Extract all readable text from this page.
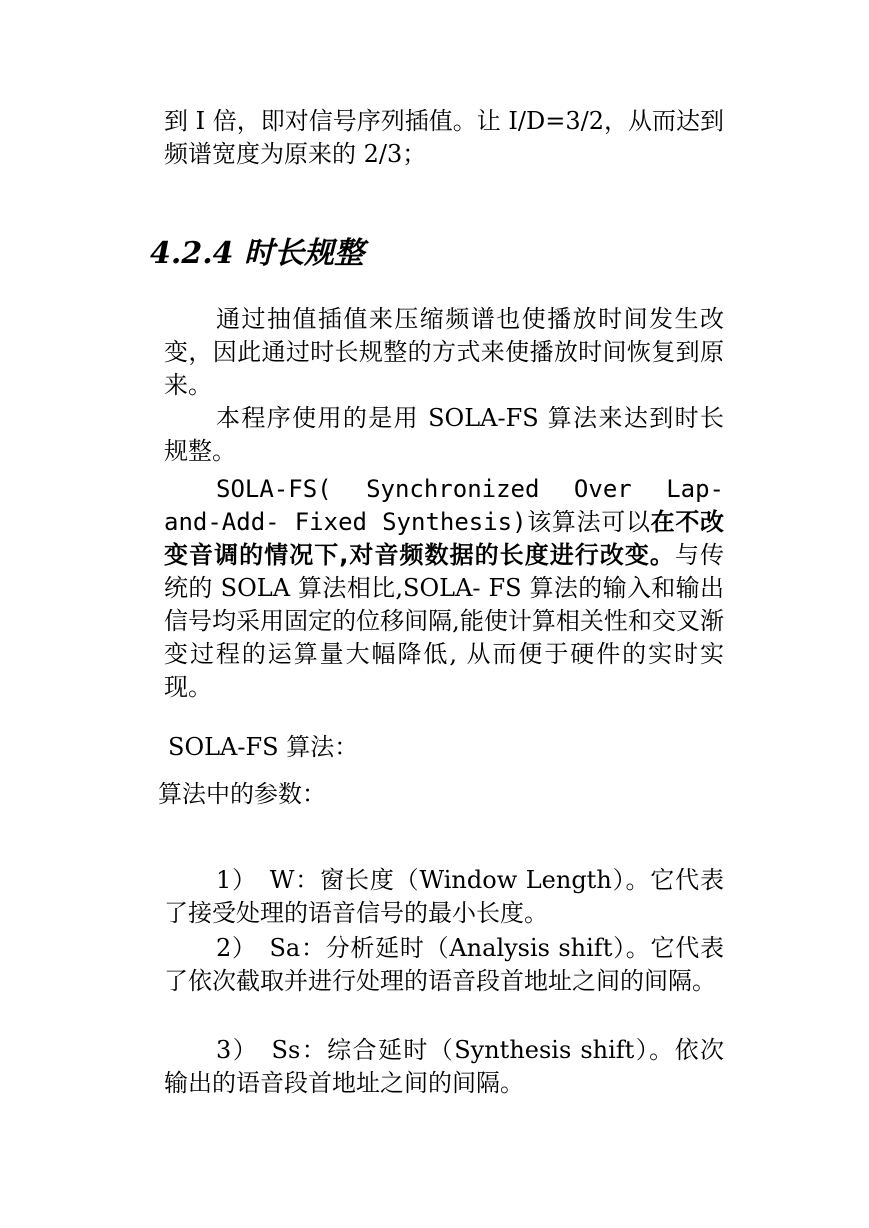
到 I 倍，即对信号序列插值。让 I/D=3/2，从而达到频谱宽度为原来的 2/3；

4.2.4 时长规整

通过抽值插值来压缩频谱也使播放时间发生改变，因此通过时长规整的方式来使播放时间恢复到原来。

本程序使用的是用 SOLA-FS 算法来达到时长规整。

SOLA-FS( Synchronized Over Lap- and-Add- Fixed Synthesis)该算法可以在不改变音调的情况下,对音频数据的长度进行改变。与传统的 SOLA 算法相比,SOLA- FS 算法的输入和输出信号均采用固定的位移间隔,能使计算相关性和交叉渐变过程的运算量大幅降低, 从而便于硬件的实时实现。

SOLA-FS 算法：

算法中的参数：

1）　W：窗长度（Window Length）。它代表了接受处理的语音信号的最小长度。

2）　Sa：分析延时（Analysis shift）。它代表了依次截取并进行处理的语音段首地址之间的间隔。

3）　Ss：综合延时（Synthesis shift）。依次输出的语音段首地址之间的间隔。
